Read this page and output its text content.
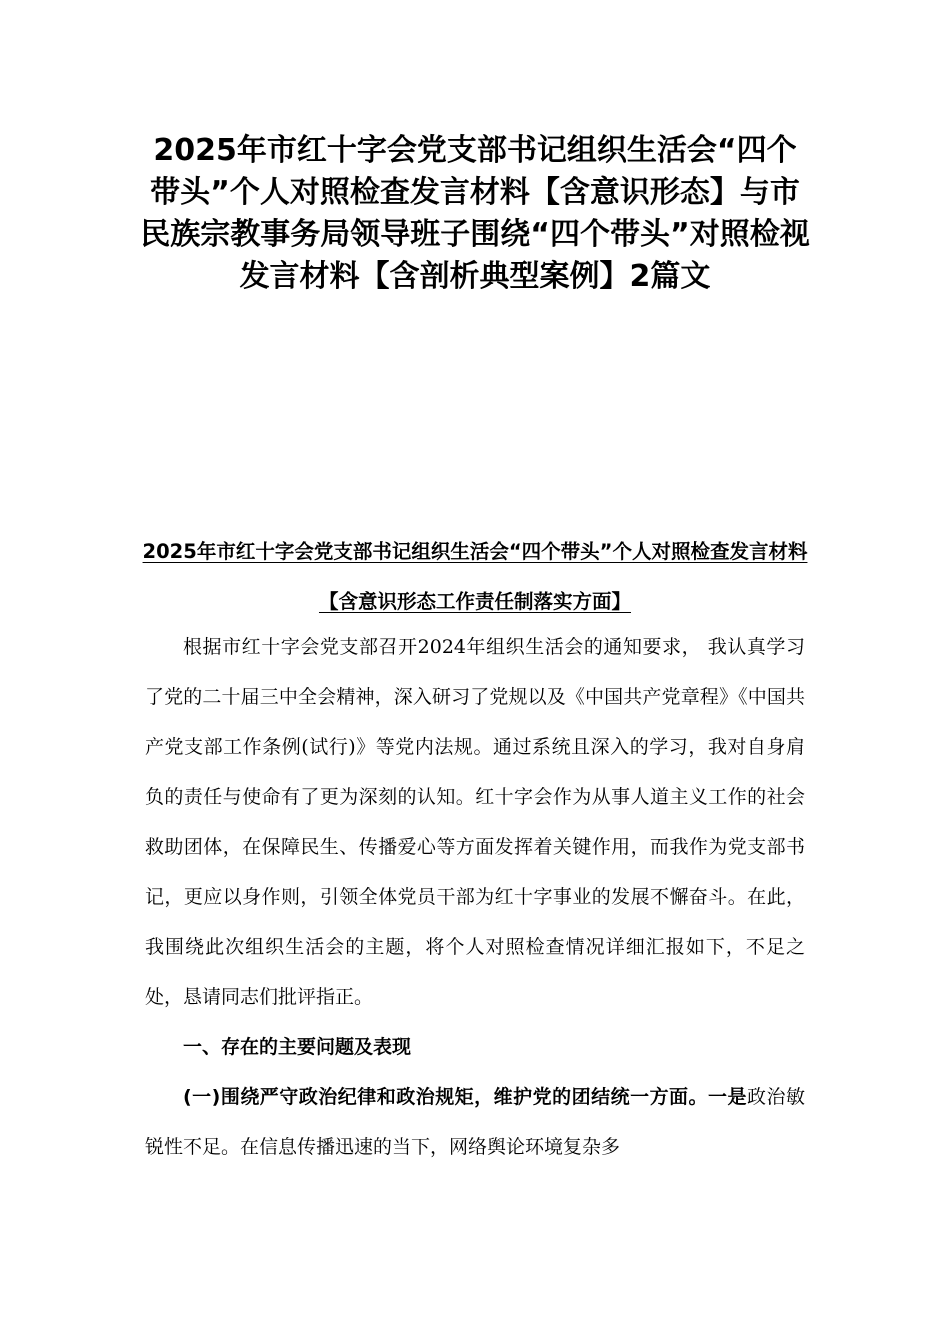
2025年市红十字会党支部书记组织生活会“四个带头”个人对照检查发言材料【含意识形态】与市民族宗教事务局领导班子围绕“四个带头”对照检视发言材料【含剖析典型案例】2篇文
2025年市红十字会党支部书记组织生活会“四个带头”个人对照检查发言材料【含意识形态工作责任制落实方面】

根据市红十字会党支部召开2024年组织生活会的通知要求， 我认真学习了党的二十届三中全会精神，深入研习了党规以及《中国共产党章程》《中国共产党支部工作条例(试行)》等党内法规。通过系统且深入的学习，我对自身肩负的责任与使命有了更为深刻的认知。红十字会作为从事人道主义工作的社会救助团体，在保障民生、传播爱心等方面发挥着关键作用，而我作为党支部书记，更应以身作则，引领全体党员干部为红十字事业的发展不懈奋斗。在此，我围绕此次组织生活会的主题，将个人对照检查情况详细汇报如下，不足之处，恳请同志们批评指正。

一、存在的主要问题及表现

(一)围绕严守政治纪律和政治规矩，维护党的团结统一方面。一是政治敏锐性不足。在信息传播迅速的当下，网络舆论环境复杂多
